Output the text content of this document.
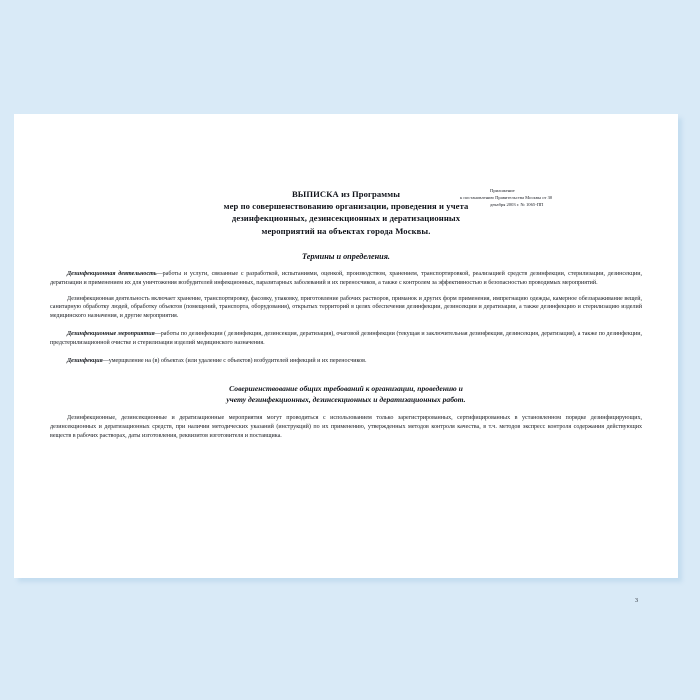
Приложение
к постановлению Правительства Москвы от 30
декабря 2003 г. № 1065-ПП
ВЫПИСКА из Программы
мер по совершенствованию организации, проведения и учета
дезинфекционных, дезинсекционных и дератизационных
мероприятий на объектах города Москвы.
Термины и определения.

Дезинфекционная деятельность—работы и услуги, связанные с разработкой, испытаниями, оценкой, производством, хранением, транспортировкой, реализацией средств дезинфекции, стерилизации, дезинсекции, дератизации и применением их для уничтожения возбудителей инфекционных, паразитарных заболеваний и их переносчиков, а также с контролем за эффективностью и безопасностью проводимых мероприятий.

Дезинфекционная деятельность включает хранение, транспортировку, фасовку, упаковку, приготовление рабочих растворов, приманок и других форм применения, импрегнацию одежды, камерное обеззараживание вещей, санитарную обработку людей, обработку объектов (помещений, транспорта, оборудования), открытых территорий в целях обеспечения дезинфекции, дезинсекции и дератизации, а также дезинфекцию и стерилизацию изделий медицинского назначения, и другие мероприятия.

Дезинфекционные мероприятия—работы по дезинфекции ( дезинфекция, дезинсекция, дератизация), очаговой дезинфекции (текущая и заключительная дезинфекция, дезинсекция, дератизация), а также по дезинфекции, предстерилизационной очистке и стерилизации изделий медицинского назначения.

Дезинфекция—умерщвление на (в) объектах (или удаление с объектов) возбудителей инфекций и их переносчиков.

Совершенствование общих требований к организации, проведению и
учету дезинфекционных, дезинсекционных и дератизационных работ.

Дезинфекционные, дезинсекционные и дератизационные мероприятия могут проводиться с использованием только зарегистрированных, сертифицированных в установленном порядке дезинфицирующих, дезинсекционных и дератизационных средств, при наличии методических указаний (инструкций) по их применению, утвержденных методов контроля качества, в т.ч. методов экспресс контроля содержания действующих веществ в рабочих растворах, даты изготовления, реквизитов изготовителя и поставщика.

3
